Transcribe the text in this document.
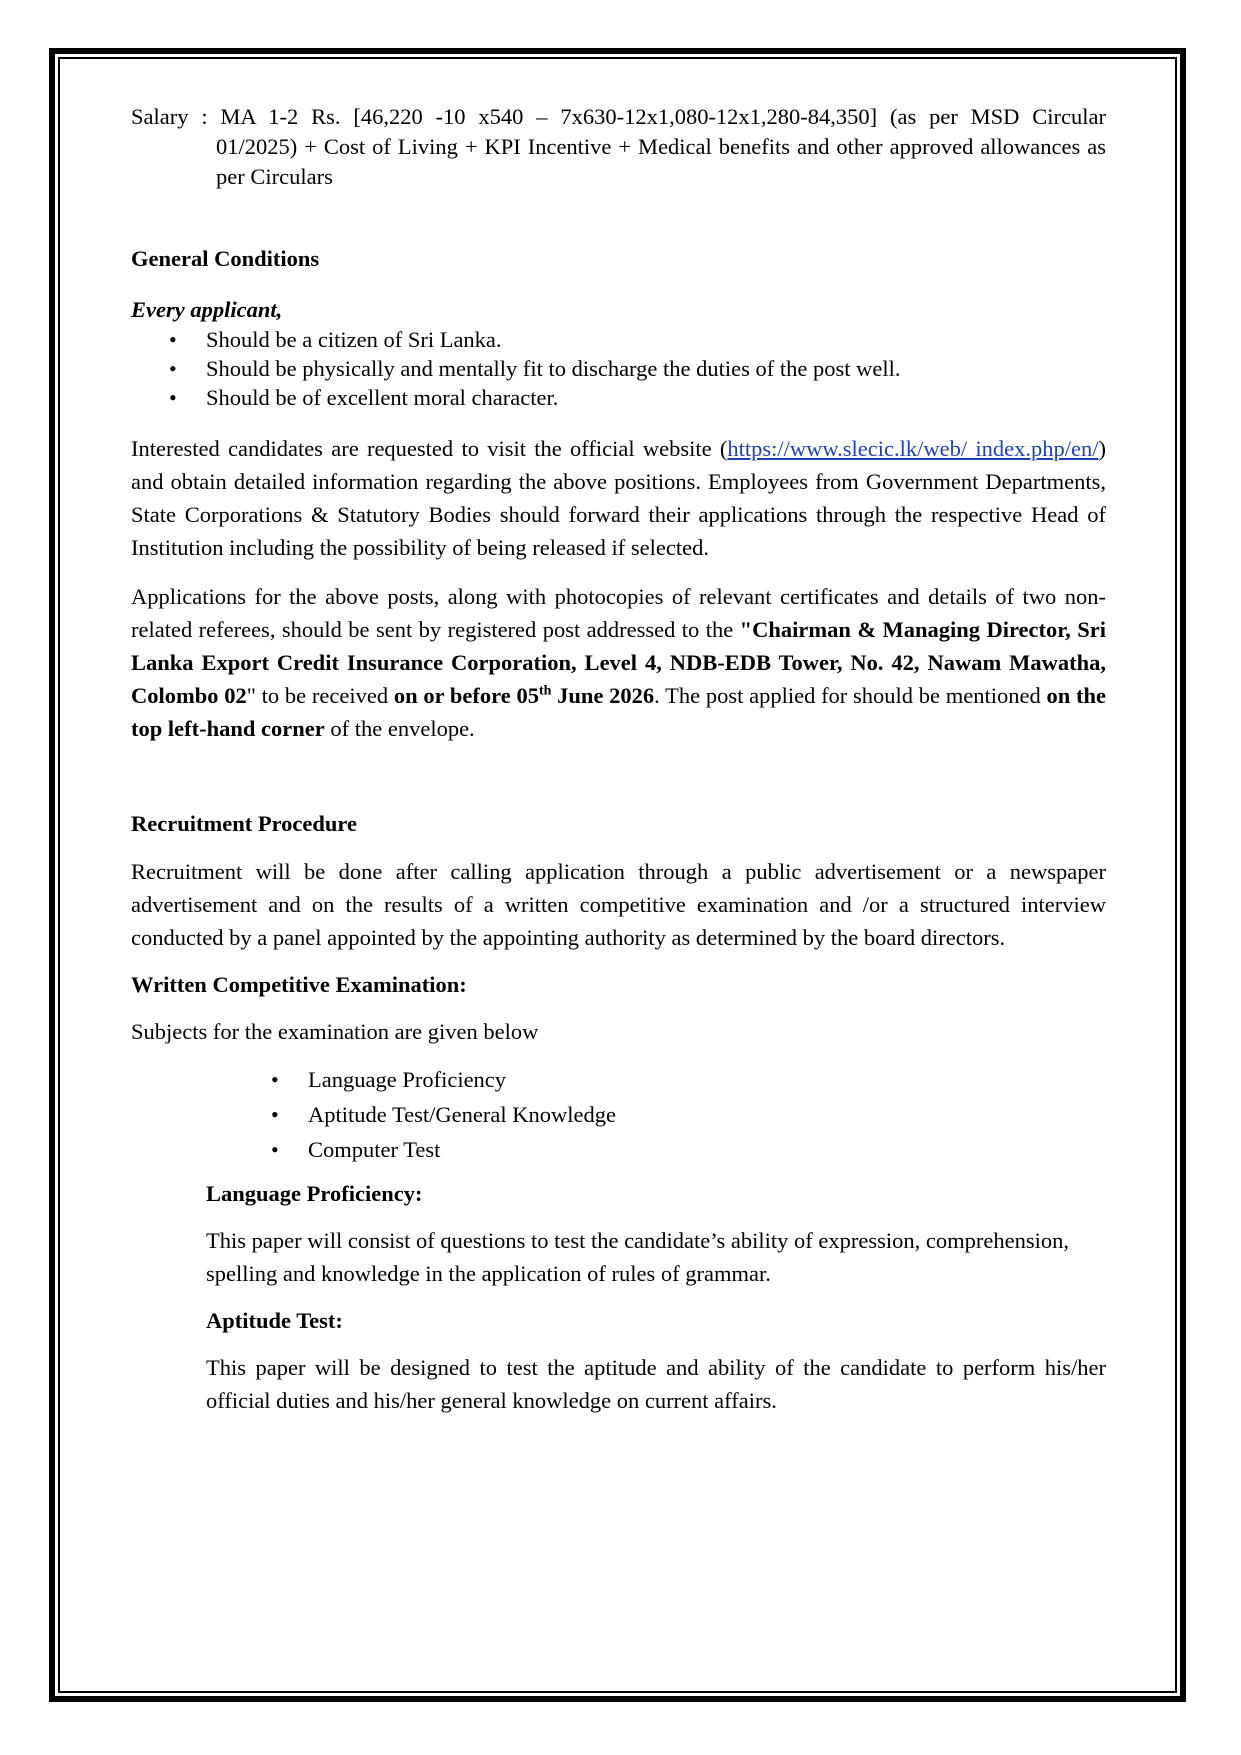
Salary : MA 1-2 Rs. [46,220 -10 x540 – 7x630-12x1,080-12x1,280-84,350] (as per MSD Circular
01/2025) + Cost of Living + KPI Incentive + Medical benefits and other approved allowances as per Circulars
General Conditions
Every applicant,
• Should be a citizen of Sri Lanka.
• Should be physically and mentally fit to discharge the duties of the post well.
• Should be of excellent moral character.

Interested candidates are requested to visit the official website (https://www.slecic.lk/web/ index.php/en/) and obtain detailed information regarding the above positions. Employees from Government Departments, State Corporations & Statutory Bodies should forward their applications through the respective Head of Institution including the possibility of being released if selected.

Applications for the above posts, along with photocopies of relevant certificates and details of two non-related referees, should be sent by registered post addressed to the "Chairman & Managing Director, Sri Lanka Export Credit Insurance Corporation, Level 4, NDB-EDB Tower, No. 42, Nawam Mawatha, Colombo 02" to be received on or before 05th June 2026. The post applied for should be mentioned on the top left-hand corner of the envelope.

Recruitment Procedure

Recruitment will be done after calling application through a public advertisement or a newspaper advertisement and on the results of a written competitive examination and /or a structured interview conducted by a panel appointed by the appointing authority as determined by the board directors.

Written Competitive Examination:

Subjects for the examination are given below

• Language Proficiency
• Aptitude Test/General Knowledge
• Computer Test
Language Proficiency:

This paper will consist of questions to test the candidate’s ability of expression, comprehension, spelling and knowledge in the application of rules of grammar.

Aptitude Test:

This paper will be designed to test the aptitude and ability of the candidate to perform his/her official duties and his/her general knowledge on current affairs.
